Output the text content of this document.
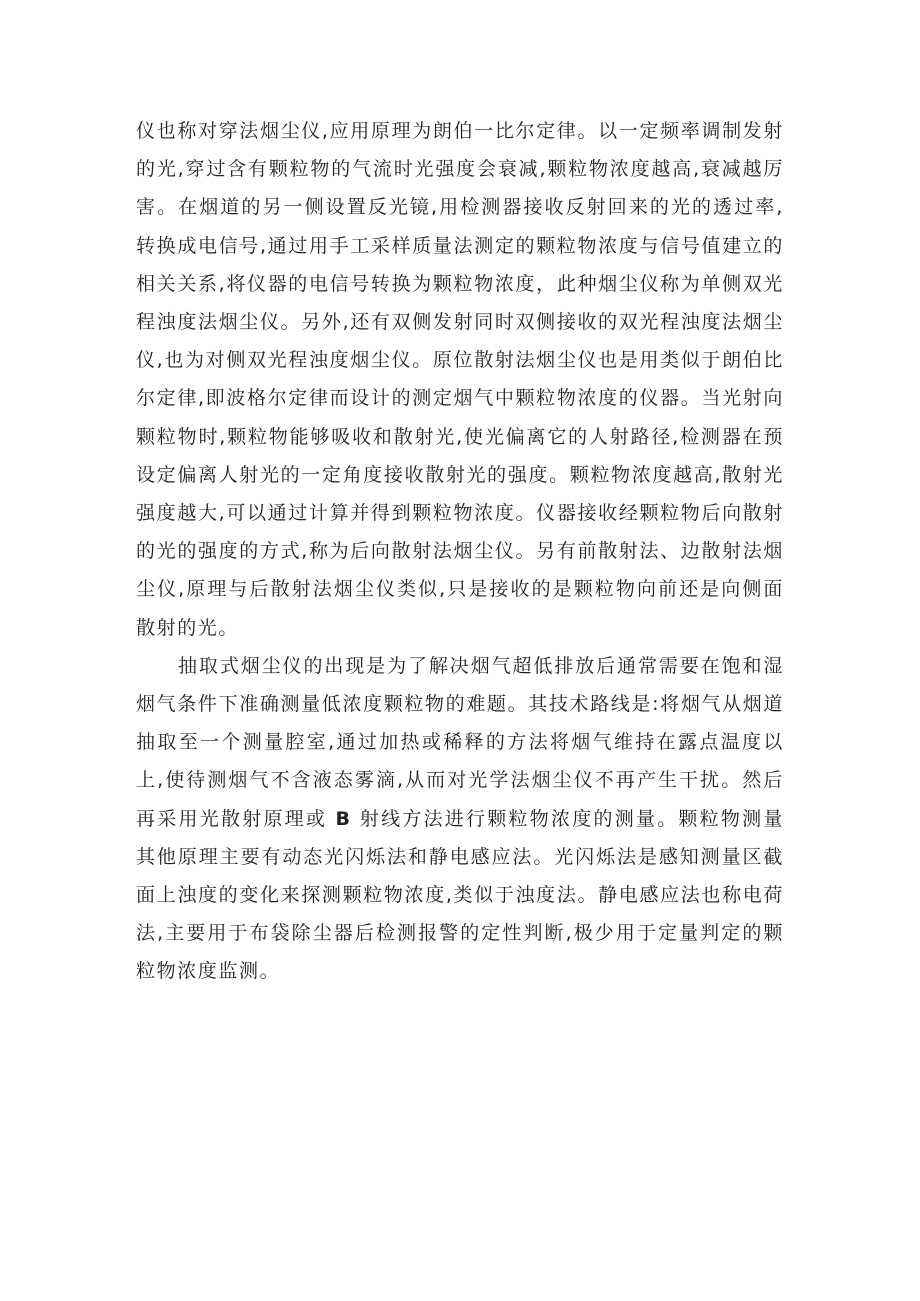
仪也称对穿法烟尘仪,应用原理为朗伯一比尔定律。以一定频率调制发射的光,穿过含有颗粒物的气流时光强度会衰减,颗粒物浓度越高,衰减越厉害。在烟道的另一侧设置反光镜,用检测器接收反射回来的光的透过率,转换成电信号,通过用手工采样质量法测定的颗粒物浓度与信号值建立的相关关系,将仪器的电信号转换为颗粒物浓度，此种烟尘仪称为单侧双光程浊度法烟尘仪。另外,还有双侧发射同时双侧接收的双光程浊度法烟尘仪,也为对侧双光程浊度烟尘仪。原位散射法烟尘仪也是用类似于朗伯比尔定律,即波格尔定律而设计的测定烟气中颗粒物浓度的仪器。当光射向颗粒物时,颗粒物能够吸收和散射光,使光偏离它的人射路径,检测器在预设定偏离人射光的一定角度接收散射光的强度。颗粒物浓度越高,散射光强度越大,可以通过计算并得到颗粒物浓度。仪器接收经颗粒物后向散射的光的强度的方式,称为后向散射法烟尘仪。另有前散射法、边散射法烟尘仪,原理与后散射法烟尘仪类似,只是接收的是颗粒物向前还是向侧面散射的光。

抽取式烟尘仪的出现是为了解决烟气超低排放后通常需要在饱和湿烟气条件下准确测量低浓度颗粒物的难题。其技术路线是:将烟气从烟道抽取至一个测量腔室,通过加热或稀释的方法将烟气维持在露点温度以上,使待测烟气不含液态雾滴,从而对光学法烟尘仪不再产生干扰。然后再采用光散射原理或 B 射线方法进行颗粒物浓度的测量。颗粒物测量其他原理主要有动态光闪烁法和静电感应法。光闪烁法是感知测量区截面上浊度的变化来探测颗粒物浓度,类似于浊度法。静电感应法也称电荷法,主要用于布袋除尘器后检测报警的定性判断,极少用于定量判定的颗粒物浓度监测。
